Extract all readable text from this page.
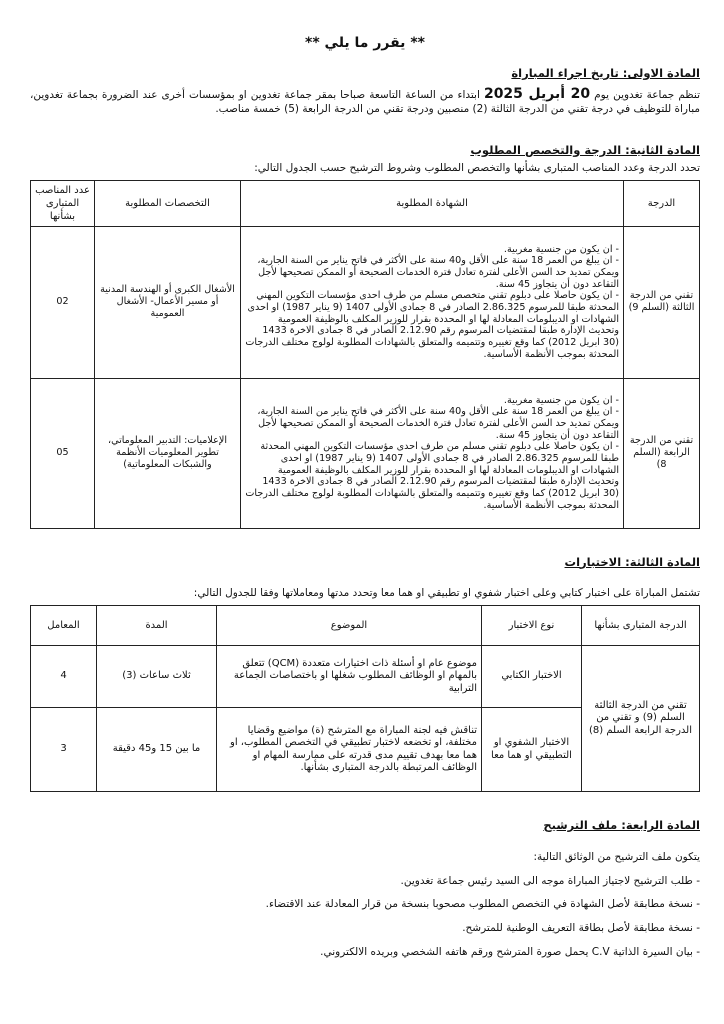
** يقرر ما يلي **
المادة الاولى: تاريخ اجراء المباراة

تنظم جماعة تغدوين يوم 20 أبريل 2025 ابتداء من الساعة التاسعة صباحا بمقر جماعة تغدوين او بمؤسسات أخرى عند الضرورة بجماعة تغدوين، مباراة للتوظيف في درجة تقني من الدرجة الثالثة (2) منصبين ودرجة تقني من الدرجة الرابعة (5) خمسة مناصب.

المادة الثانية: الدرجة والتخصص المطلوب

تحدد الدرجة وعدد المناصب المتبارى بشأنها والتخصص المطلوب وشروط الترشيح حسب الجدول التالي:

الدرجة	الشهادة المطلوبة	التخصصات المطلوبة	عدد المناصب المتبارى بشأنها
تقني من الدرجة الثالثة (السلم 9)	- ان يكون من جنسية مغربية.
- ان يبلغ من العمر 18 سنة على الأقل و40 سنة على الأكثر في فاتح يناير من السنة الجارية، ويمكن تمديد حد السن الأعلى لفترة تعادل فترة الخدمات الصحيحة أو الممكن تصحيحها لأجل التقاعد دون أن يتجاوز 45 سنة.
- ان يكون حاصلا على دبلوم تقني متخصص مسلم من طرف احدى مؤسسات التكوين المهني المحدثة طبقا للمرسوم 2.86.325 الصادر في 8 جمادى الأولى 1407 (9 يناير 1987) او احدى الشهادات او الديبلومات المعادلة لها او المحددة بقرار للوزير المكلف بالوظيفة العمومية وتحديث الإدارة طبقا لمقتضيات المرسوم رقم 2.12.90 الصادر في 8 جمادى الاخرة 1433 (30 ابريل 2012) كما وقع تغييره وتتميمه والمتعلق بالشهادات المطلوبة لولوج مختلف الدرجات المحدثة بموجب الأنظمة الأساسية.	الأشغال الكبرى أو الهندسة المدنية أو مسير الأعمال- الأشغال العمومية	02
تقني من الدرجة الرابعة (السلم 8)	- ان يكون من جنسية مغربية.
- ان يبلغ من العمر 18 سنة على الأقل و40 سنة على الأكثر في فاتح يناير من السنة الجارية، ويمكن تمديد حد السن الأعلى لفترة تعادل فترة الخدمات الصحيحة أو الممكن تصحيحها لأجل التقاعد دون أن يتجاوز 45 سنة.
- ان يكون حاصلا على دبلوم تقني مسلم من طرف احدى مؤسسات التكوين المهني المحدثة طبقا للمرسوم 2.86.325 الصادر في 8 جمادى الأولى 1407 (9 يناير 1987) او احدى الشهادات او الديبلومات المعادلة لها او المحددة بقرار للوزير المكلف بالوظيفة العمومية وتحديث الإدارة طبقا لمقتضيات المرسوم رقم 2.12.90 الصادر في 8 جمادى الاخرة 1433 (30 ابريل 2012) كما وقع تغييره وتتميمه والمتعلق بالشهادات المطلوبة لولوج مختلف الدرجات المحدثة بموجب الأنظمة الأساسية.	الإعلاميات: التدبير المعلوماتي، تطوير المعلوميات الأنظمة والشبكات المعلوماتية)	05
المادة الثالثة: الاختبارات

تشتمل المباراة على اختبار كتابي وعلى اختبار شفوي او تطبيقي او هما معا وتحدد مدتها ومعاملاتها وفقا للجدول التالي:

الدرجة المتبارى بشأنها	نوع الاختبار	الموضوع	المدة	المعامل
تقني من الدرجة الثالثة السلم (9) و تقني من الدرجة الرابعة السلم (8)	الاختبار الكتابي	موضوع عام او أسئلة ذات اختيارات متعددة (QCM) تتعلق بالمهام او الوظائف المطلوب شغلها او باختصاصات الجماعة الترابية	ثلاث ساعات (3)	4
	الاختبار الشفوي او التطبيقي او هما معا	تناقش فيه لجنة المباراة مع المترشح (ة) مواضيع وقضايا مختلفة، او تخضعه لاختبار تطبيقي في التخصص المطلوب، او هما معا بهدف تقييم مدى قدرته على ممارسة المهام او الوظائف المرتبطة بالدرجة المتبارى بشأنها.	ما بين 15 و45 دقيقة	3
المادة الرابعة: ملف الترشيح

يتكون ملف الترشيح من الوثائق التالية:

- طلب الترشيح لاجتياز المباراة موجه الى السيد رئيس جماعة تغدوين.
- نسخة مطابقة لأصل الشهادة في التخصص المطلوب مصحوبا بنسخة من قرار المعادلة عند الاقتضاء.
- نسخة مطابقة لأصل بطاقة التعريف الوطنية للمترشح.
- بيان السيرة الذاتية C.V يحمل صورة المترشح ورقم هاتفه الشخصي وبريده الالكتروني.
